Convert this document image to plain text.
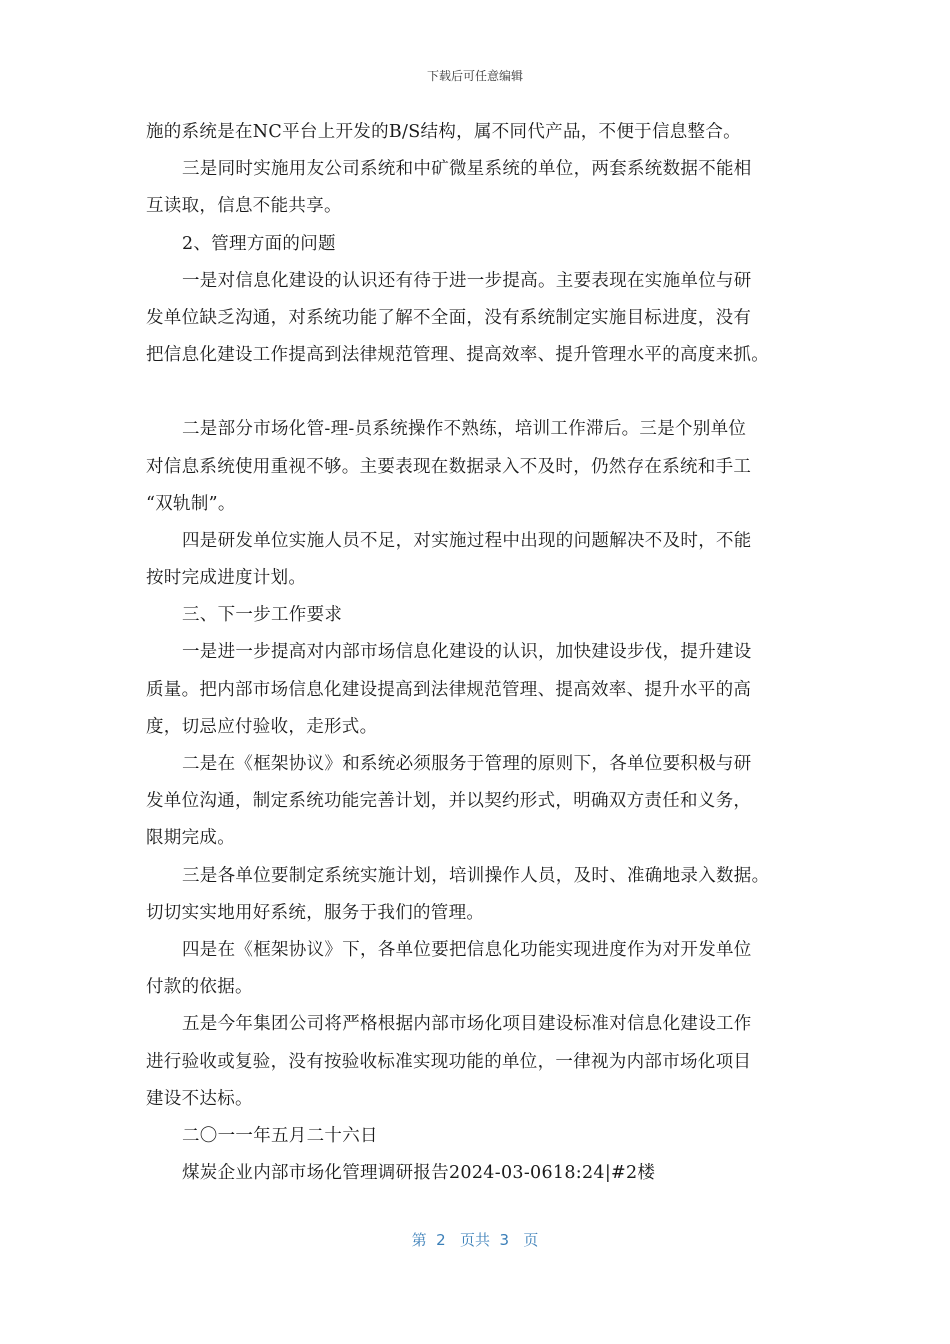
下载后可任意编辑
施的系统是在NC平台上开发的B/S结构，属不同代产品，不便于信息整合。
三是同时实施用友公司系统和中矿微星系统的单位，两套系统数据不能相
互读取，信息不能共享。
2、管理方面的问题
一是对信息化建设的认识还有待于进一步提高。主要表现在实施单位与研
发单位缺乏沟通，对系统功能了解不全面，没有系统制定实施目标进度，没有
把信息化建设工作提高到法律规范管理、提高效率、提升管理水平的高度来抓。
二是部分市场化管-理-员系统操作不熟练，培训工作滞后。三是个别单位
对信息系统使用重视不够。主要表现在数据录入不及时，仍然存在系统和手工
“双轨制”。
四是研发单位实施人员不足，对实施过程中出现的问题解决不及时，不能
按时完成进度计划。
三、下一步工作要求
一是进一步提高对内部市场信息化建设的认识，加快建设步伐，提升建设
质量。把内部市场信息化建设提高到法律规范管理、提高效率、提升水平的高
度，切忌应付验收，走形式。
二是在《框架协议》和系统必须服务于管理的原则下，各单位要积极与研
发单位沟通，制定系统功能完善计划，并以契约形式，明确双方责任和义务，
限期完成。
三是各单位要制定系统实施计划，培训操作人员，及时、准确地录入数据。
切切实实地用好系统，服务于我们的管理。
四是在《框架协议》下，各单位要把信息化功能实现进度作为对开发单位
付款的依据。
五是今年集团公司将严格根据内部市场化项目建设标准对信息化建设工作
进行验收或复验，没有按验收标准实现功能的单位，一律视为内部市场化项目
建设不达标。
二〇一一年五月二十六日
煤炭企业内部市场化管理调研报告2024-03-0618:24|#2楼
第  2   页共  3   页
